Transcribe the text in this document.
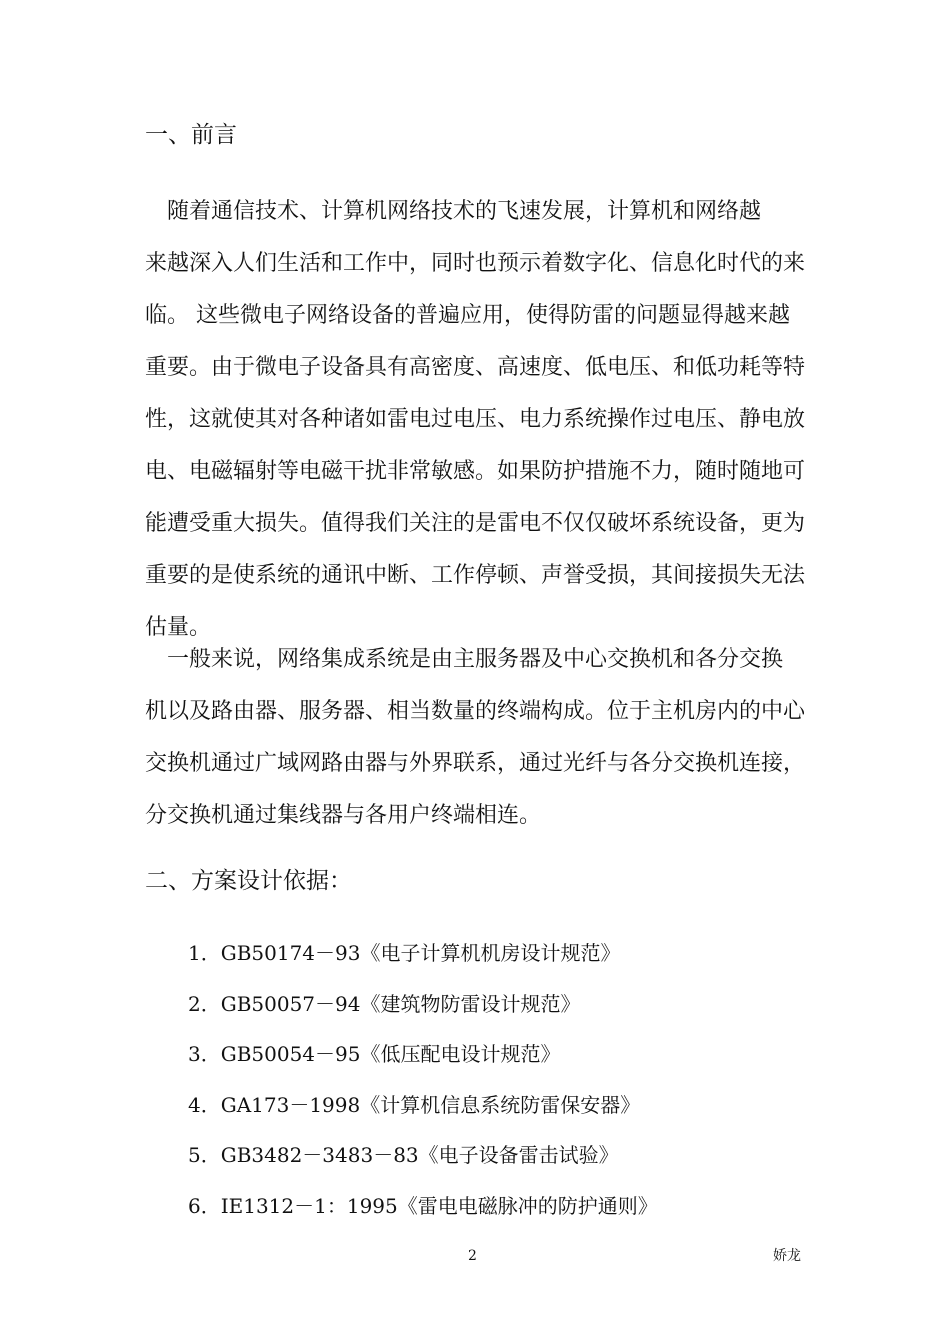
一、前言
　随着通信技术、计算机网络技术的飞速发展，计算机和网络越
来越深入人们生活和工作中，同时也预示着数字化、信息化时代的来
临。 这些微电子网络设备的普遍应用，使得防雷的问题显得越来越
重要。由于微电子设备具有高密度、高速度、低电压、和低功耗等特
性，这就使其对各种诸如雷电过电压、电力系统操作过电压、静电放
电、电磁辐射等电磁干扰非常敏感。如果防护措施不力，随时随地可
能遭受重大损失。值得我们关注的是雷电不仅仅破坏系统设备，更为
重要的是使系统的通讯中断、工作停顿、声誉受损，其间接损失无法
估量。
　一般来说，网络集成系统是由主服务器及中心交换机和各分交换
机以及路由器、服务器、相当数量的终端构成。位于主机房内的中心
交换机通过广域网路由器与外界联系，通过光纤与各分交换机连接，
分交换机通过集线器与各用户终端相连。
二、方案设计依据：
1．GB50174－93《电子计算机机房设计规范》
2．GB50057－94《建筑物防雷设计规范》
3．GB50054－95《低压配电设计规范》
4．GA173－1998《计算机信息系统防雷保安器》
5．GB3482－3483－83《电子设备雷击试验》
6．IE1312－1：1995《雷电电磁脉冲的防护通则》
2	娇龙
